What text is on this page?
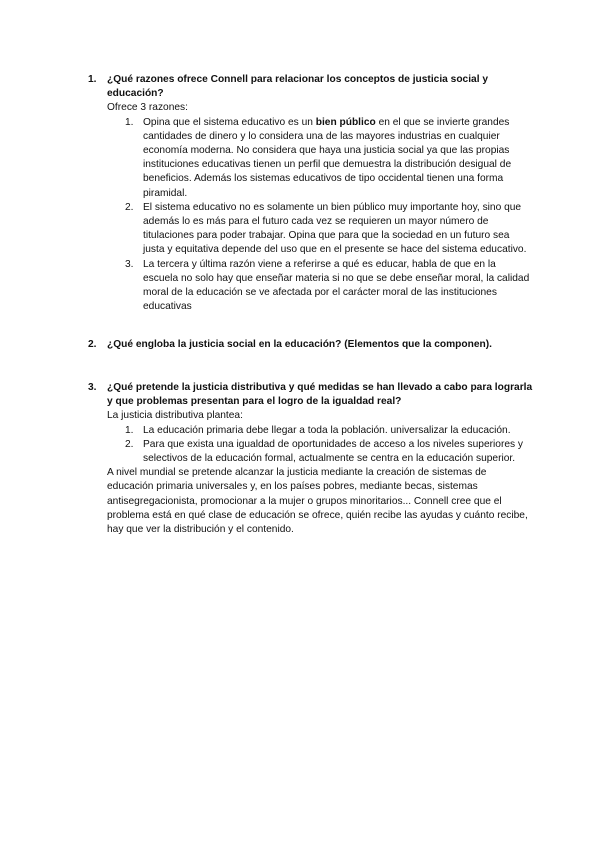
1.	¿Qué razones ofrece Connell para relacionar los conceptos de justicia social y educación?
Ofrece 3 razones:
1. Opina que el sistema educativo es un bien público en el que se invierte grandes cantidades de dinero y lo considera una de las mayores industrias en cualquier economía moderna. No considera que haya una justicia social ya que las propias instituciones educativas tienen un perfil que demuestra la distribución desigual de beneficios. Además los sistemas educativos de tipo occidental tienen una forma piramidal.
2. El sistema educativo no es solamente un bien público muy importante hoy, sino que además lo es más para el futuro cada vez se requieren un mayor número de titulaciones para poder trabajar. Opina que para que la sociedad en un futuro sea justa y equitativa depende del uso que en el presente se hace del sistema educativo.
3. La tercera y última razón viene a referirse a qué es educar, habla de que en la escuela no solo hay que enseñar materia si no que se debe enseñar moral, la calidad moral de la educación se ve afectada por el carácter moral de las instituciones educativas
2.	¿Qué engloba la justicia social en la educación? (Elementos que la componen).
3.	¿Qué pretende la justicia distributiva y qué medidas se han llevado a cabo para lograrla y que problemas presentan para el logro de la igualdad real?
La justicia distributiva plantea:
1. La educación primaria debe llegar a toda la población. universalizar la educación.
2. Para que exista una igualdad de oportunidades de acceso a los niveles superiores y selectivos de la educación formal, actualmente se centra en la educación superior.
A nivel mundial se pretende alcanzar la justicia mediante la creación de sistemas de educación primaria universales y, en los países pobres, mediante becas, sistemas antisegregacionista, promocionar a la mujer o grupos minoritarios... Connell cree que el problema está en qué clase de educación se ofrece, quién recibe las ayudas y cuánto recibe, hay que ver la distribución y el contenido.
